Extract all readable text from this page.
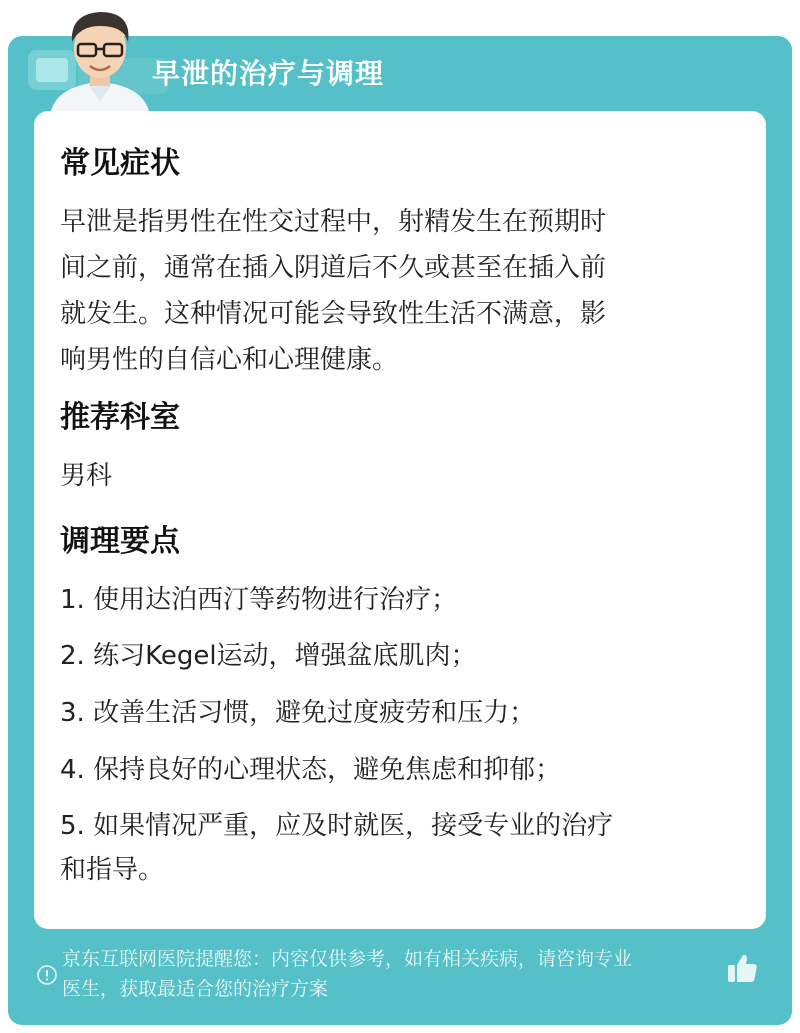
早泄的治疗与调理
常见症状
早泄是指男性在性交过程中，射精发生在预期时
间之前，通常在插入阴道后不久或甚至在插入前
就发生。这种情况可能会导致性生活不满意，影
响男性的自信心和心理健康。
推荐科室
男科
调理要点
1. 使用达泊西汀等药物进行治疗；
2. 练习Kegel运动，增强盆底肌肉；
3. 改善生活习惯，避免过度疲劳和压力；
4. 保持良好的心理状态，避免焦虑和抑郁；
5. 如果情况严重，应及时就医，接受专业的治疗
和指导。
京东互联网医院提醒您：内容仅供参考，如有相关疾病，请咨询专业
医生，获取最适合您的治疗方案
